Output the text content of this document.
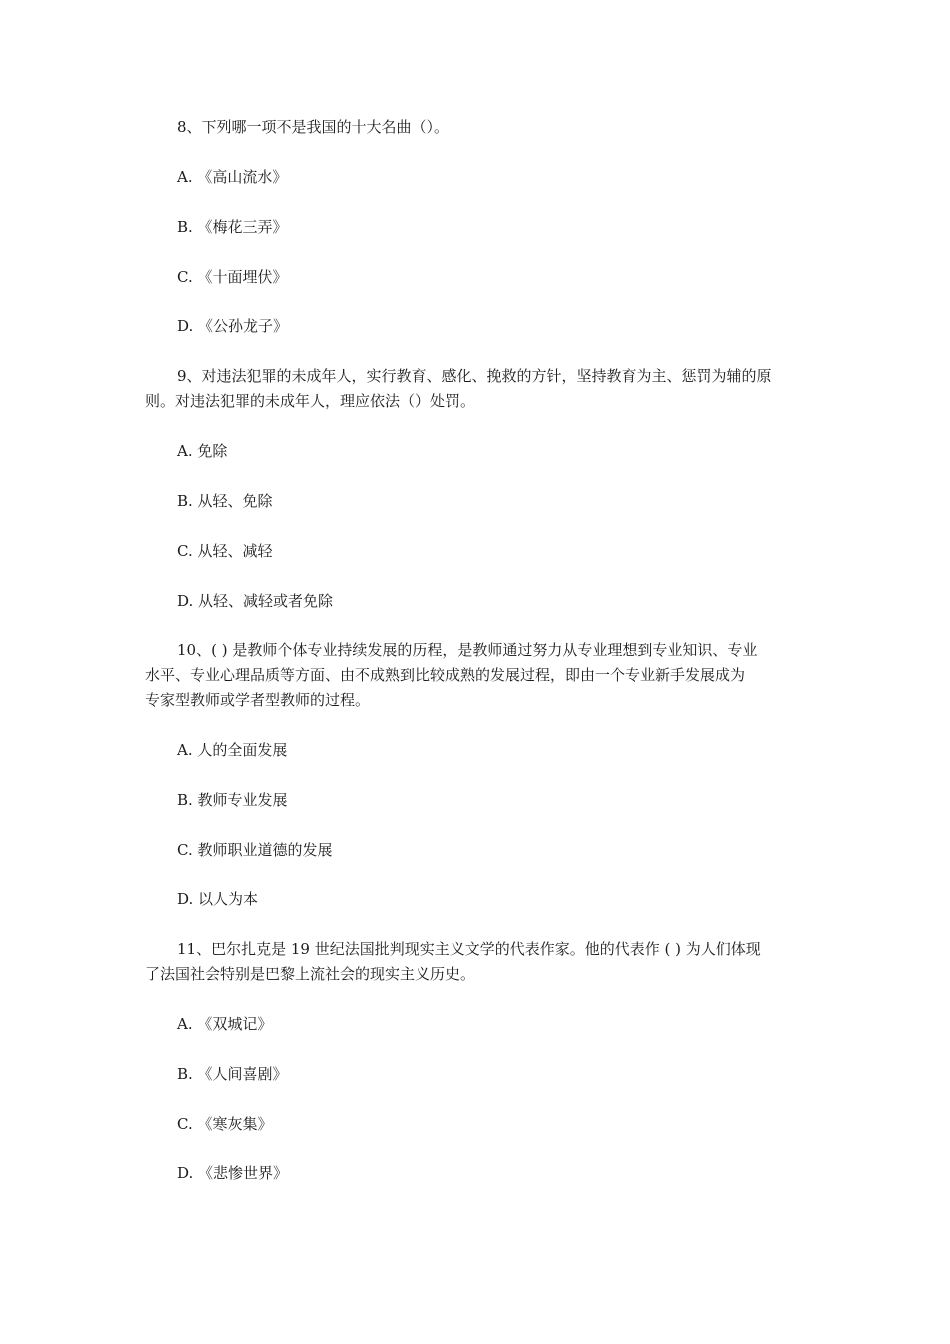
8、下列哪一项不是我国的十大名曲（）。

A. 《高山流水》

B. 《梅花三弄》

C. 《十面埋伏》

D. 《公孙龙子》

9、对违法犯罪的未成年人，实行教育、感化、挽救的方针，坚持教育为主、惩罚为辅的原

则。对违法犯罪的未成年人，理应依法（）处罚。

A. 免除

B. 从轻、免除

C. 从轻、减轻

D. 从轻、减轻或者免除

10、( ) 是教师个体专业持续发展的历程，是教师通过努力从专业理想到专业知识、专业

水平、专业心理品质等方面、由不成熟到比较成熟的发展过程，即由一个专业新手发展成为

专家型教师或学者型教师的过程。

A. 人的全面发展

B. 教师专业发展

C. 教师职业道德的发展

D. 以人为本

11、巴尔扎克是 19 世纪法国批判现实主义文学的代表作家。他的代表作 ( ) 为人们体现

了法国社会特别是巴黎上流社会的现实主义历史。

A. 《双城记》

B. 《人间喜剧》

C. 《寒灰集》

D. 《悲惨世界》
